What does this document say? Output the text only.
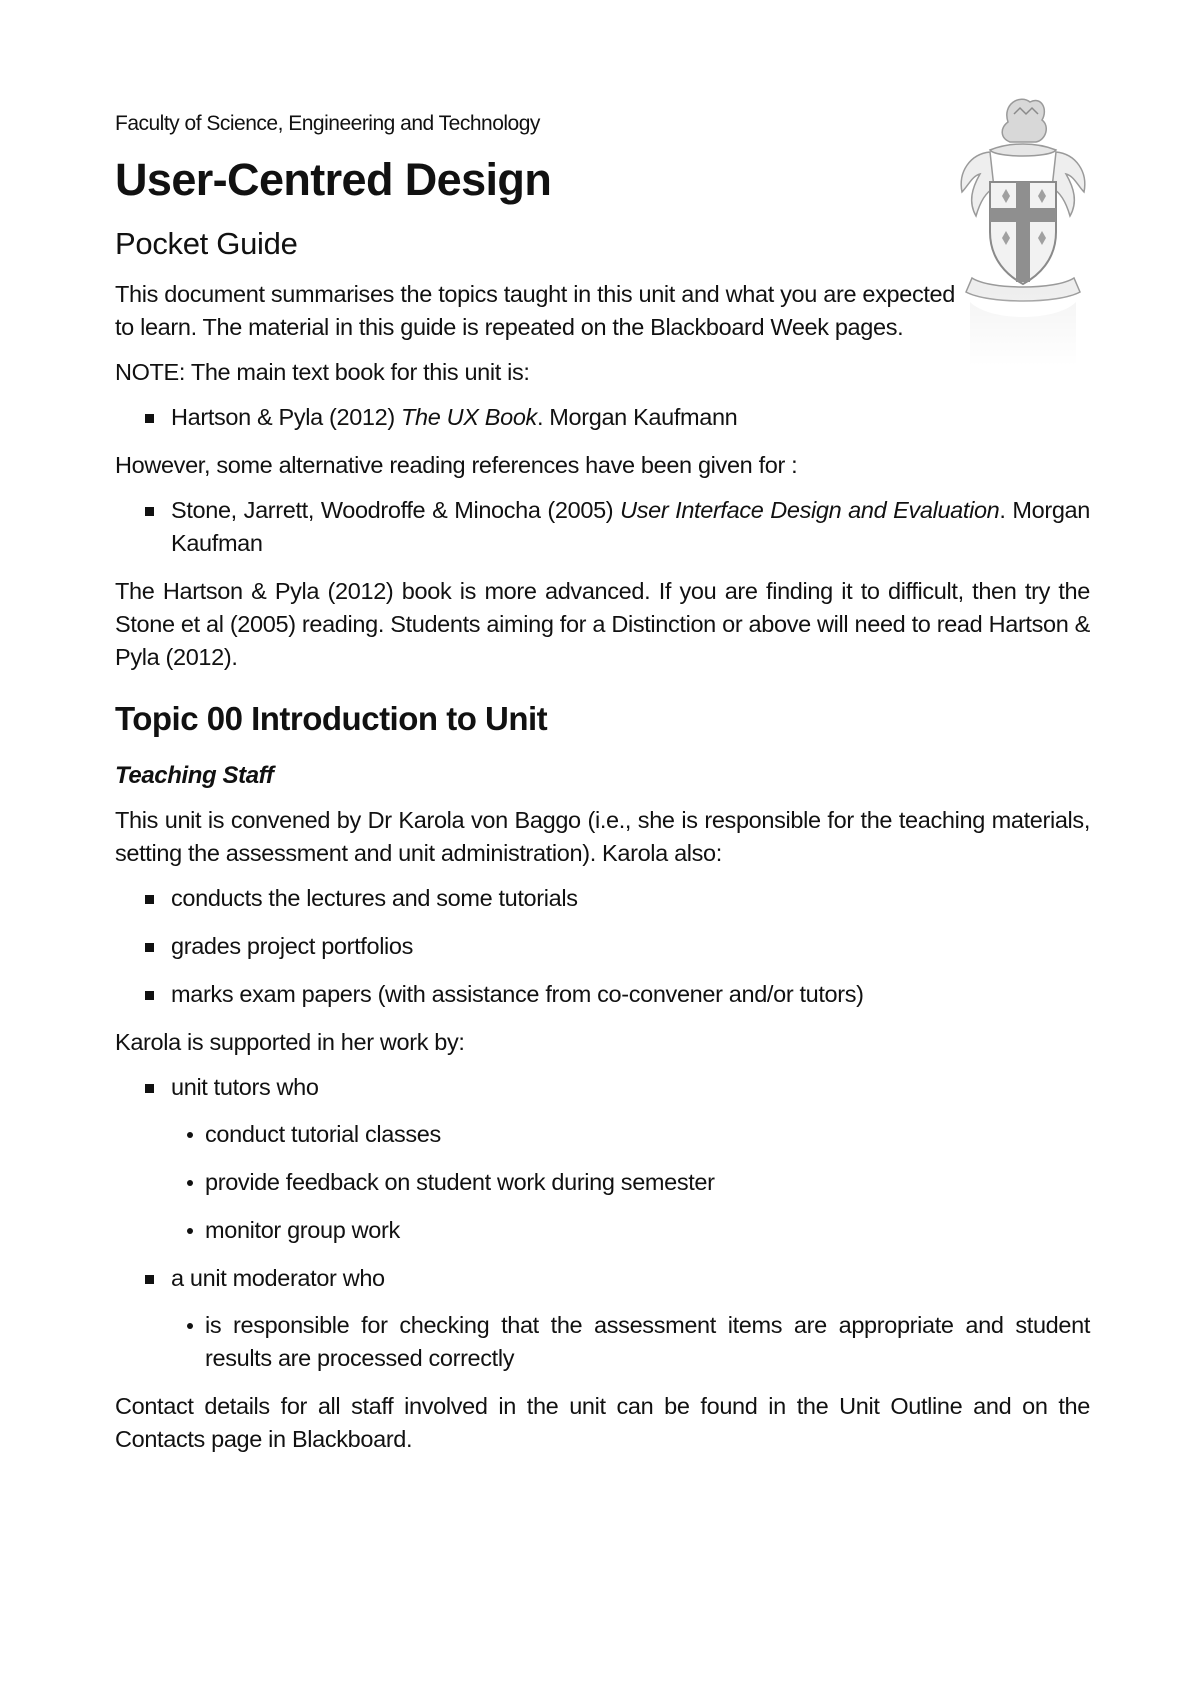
Faculty of Science, Engineering and Technology
User-Centred Design
Pocket Guide

This document summarises the topics taught in this unit and what you are expected to learn. The material in this guide is repeated on the Blackboard Week pages.

NOTE: The main text book for this unit is:

Hartson & Pyla (2012) The UX Book. Morgan Kaufmann

However, some alternative reading references have been given for :

Stone, Jarrett, Woodroffe & Minocha (2005) User Interface Design and Evaluation. Morgan Kaufman

The Hartson & Pyla (2012) book is more advanced. If you are finding it to difficult, then try the Stone et al (2005) reading. Students aiming for a Distinction or above will need to read Hartson & Pyla (2012).

Topic 00 Introduction to Unit
Teaching Staff

This unit is convened by Dr Karola von Baggo (i.e., she is responsible for the teaching materials, setting the assessment and unit administration). Karola also:

conducts the lectures and some tutorials
grades project portfolios
marks exam papers (with assistance from co-convener and/or tutors)

Karola is supported in her work by:

unit tutors who
conduct tutorial classes
provide feedback on student work during semester
monitor group work
a unit moderator who
is responsible for checking that the assessment items are appropriate and student results are processed correctly

Contact details for all staff involved in the unit can be found in the Unit Outline and on the Contacts page in Blackboard.
